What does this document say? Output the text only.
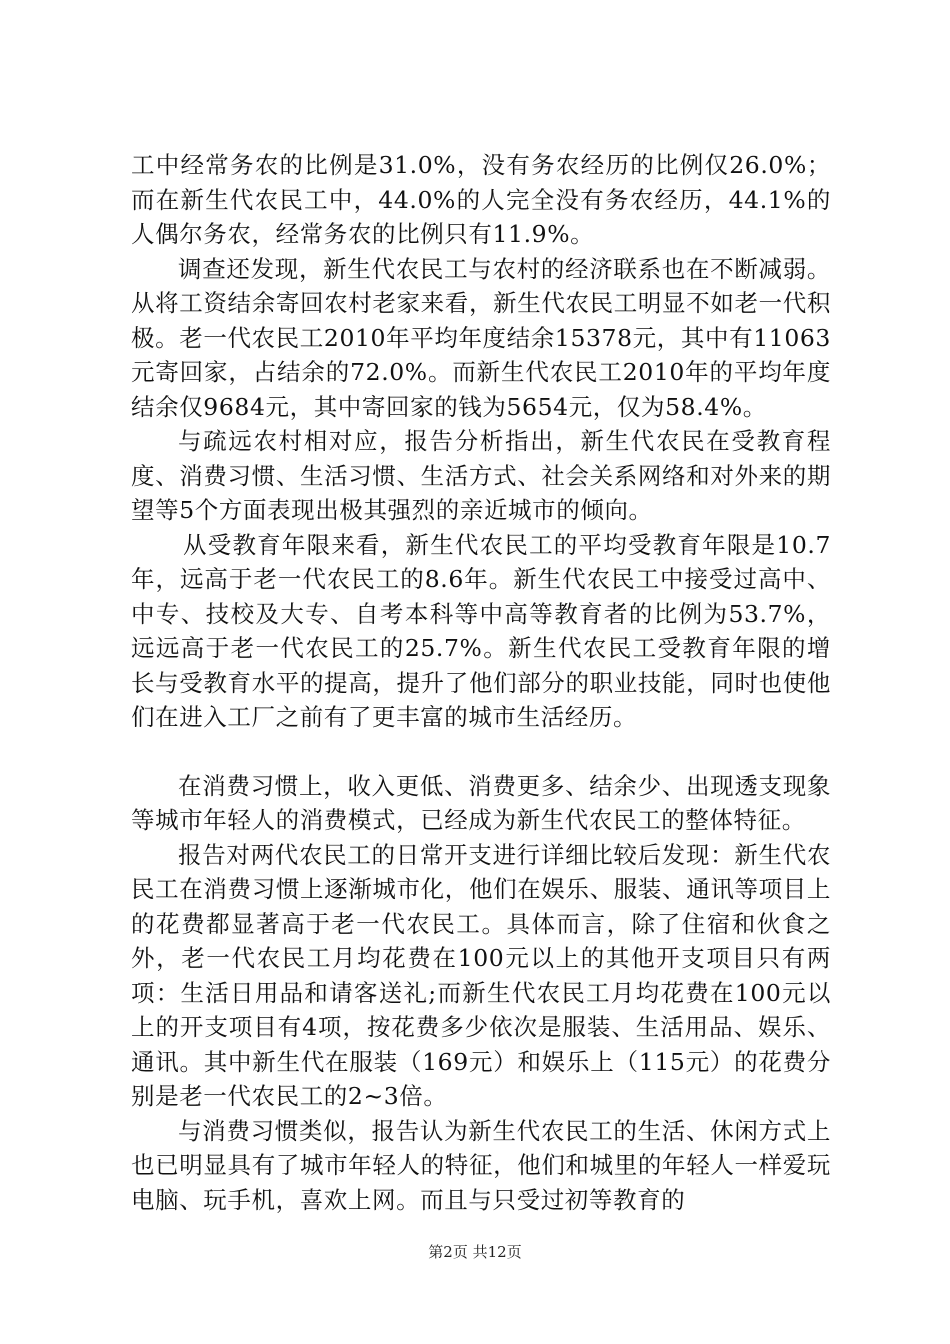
工中经常务农的比例是31.0%，没有务农经历的比例仅26.0%；而在新生代农民工中，44.0%的人完全没有务农经历，44.1%的人偶尔务农，经常务农的比例只有11.9%。

调查还发现，新生代农民工与农村的经济联系也在不断减弱。从将工资结余寄回农村老家来看，新生代农民工明显不如老一代积极。老一代农民工2010年平均年度结余15378元，其中有11063元寄回家，占结余的72.0%。而新生代农民工2010年的平均年度结余仅9684元，其中寄回家的钱为5654元，仅为58.4%。

与疏远农村相对应，报告分析指出，新生代农民在受教育程度、消费习惯、生活习惯、生活方式、社会关系网络和对外来的期望等5个方面表现出极其强烈的亲近城市的倾向。

从受教育年限来看，新生代农民工的平均受教育年限是10.7年，远高于老一代农民工的8.6年。新生代农民工中接受过高中、中专、技校及大专、自考本科等中高等教育者的比例为53.7%，远远高于老一代农民工的25.7%。新生代农民工受教育年限的增长与受教育水平的提高，提升了他们部分的职业技能，同时也使他们在进入工厂之前有了更丰富的城市生活经历。

在消费习惯上，收入更低、消费更多、结余少、出现透支现象等城市年轻人的消费模式，已经成为新生代农民工的整体特征。

报告对两代农民工的日常开支进行详细比较后发现：新生代农民工在消费习惯上逐渐城市化，他们在娱乐、服装、通讯等项目上的花费都显著高于老一代农民工。具体而言，除了住宿和伙食之外，老一代农民工月均花费在100元以上的其他开支项目只有两项：生活日用品和请客送礼;而新生代农民工月均花费在100元以上的开支项目有4项，按花费多少依次是服装、生活用品、娱乐、通讯。其中新生代在服装（169元）和娱乐上（115元）的花费分别是老一代农民工的2~3倍。

与消费习惯类似，报告认为新生代农民工的生活、休闲方式上也已明显具有了城市年轻人的特征，他们和城里的年轻人一样爱玩电脑、玩手机，喜欢上网。而且与只受过初等教育的

第2页 共12页
